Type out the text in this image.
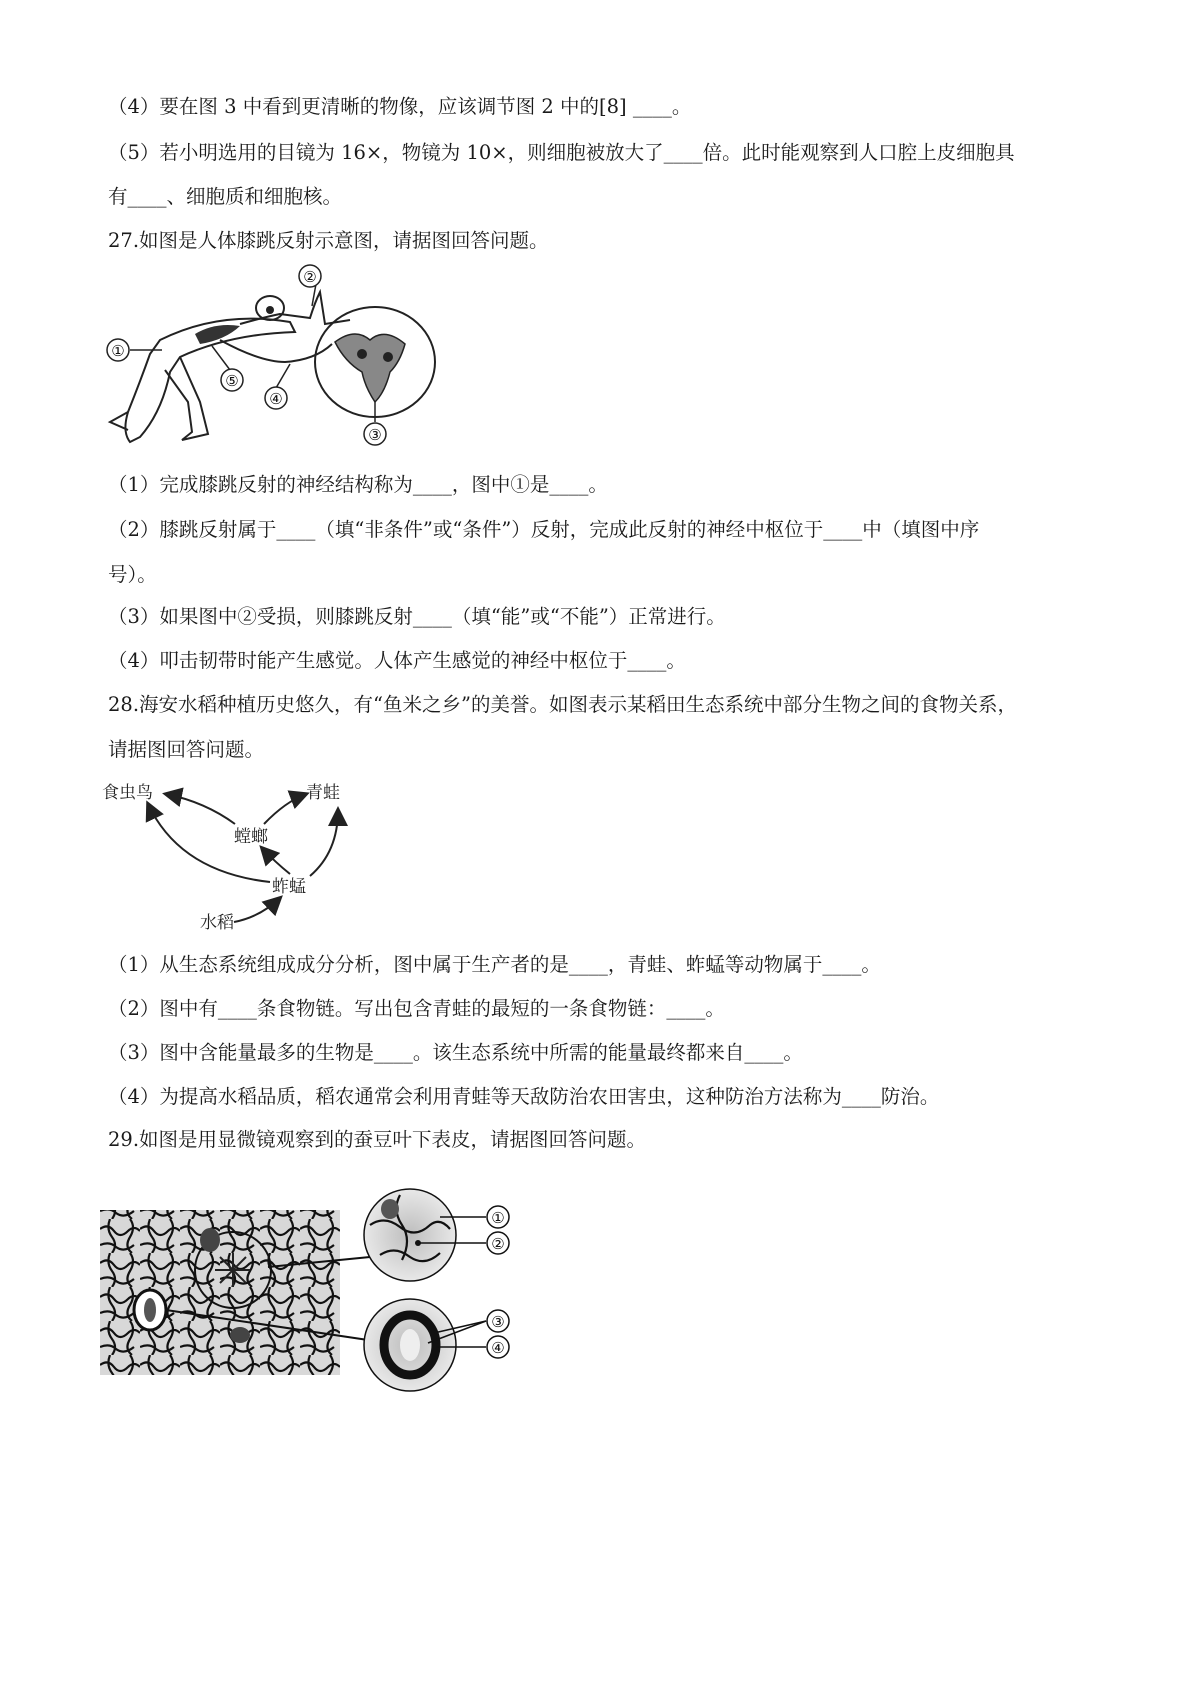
（4）要在图 3 中看到更清晰的物像，应该调节图 2 中的[8] ____。
（5）若小明选用的目镜为 16×，物镜为 10×，则细胞被放大了____倍。此时能观察到人口腔上皮细胞具
有____、细胞质和细胞核。
27.如图是人体膝跳反射示意图，请据图回答问题。
①
②
③
④
⑤
（1）完成膝跳反射的神经结构称为____，图中①是____。
（2）膝跳反射属于____（填“非条件”或“条件”）反射，完成此反射的神经中枢位于____中（填图中序
号）。
（3）如果图中②受损，则膝跳反射____（填“能”或“不能”）正常进行。
（4）叩击韧带时能产生感觉。人体产生感觉的神经中枢位于____。
28.海安水稻种植历史悠久，有“鱼米之乡”的美誉。如图表示某稻田生态系统中部分生物之间的食物关系，
请据图回答问题。
食虫鸟	青蛙
螳螂
蚱蜢
水稻
（1）从生态系统组成成分分析，图中属于生产者的是____，青蛙、蚱蜢等动物属于____。
（2）图中有____条食物链。写出包含青蛙的最短的一条食物链：____。
（3）图中含能量最多的生物是____。该生态系统中所需的能量最终都来自____。
（4）为提高水稻品质，稻农通常会利用青蛙等天敌防治农田害虫，这种防治方法称为____防治。
29.如图是用显微镜观察到的蚕豆叶下表皮，请据图回答问题。
①
②
③
④
